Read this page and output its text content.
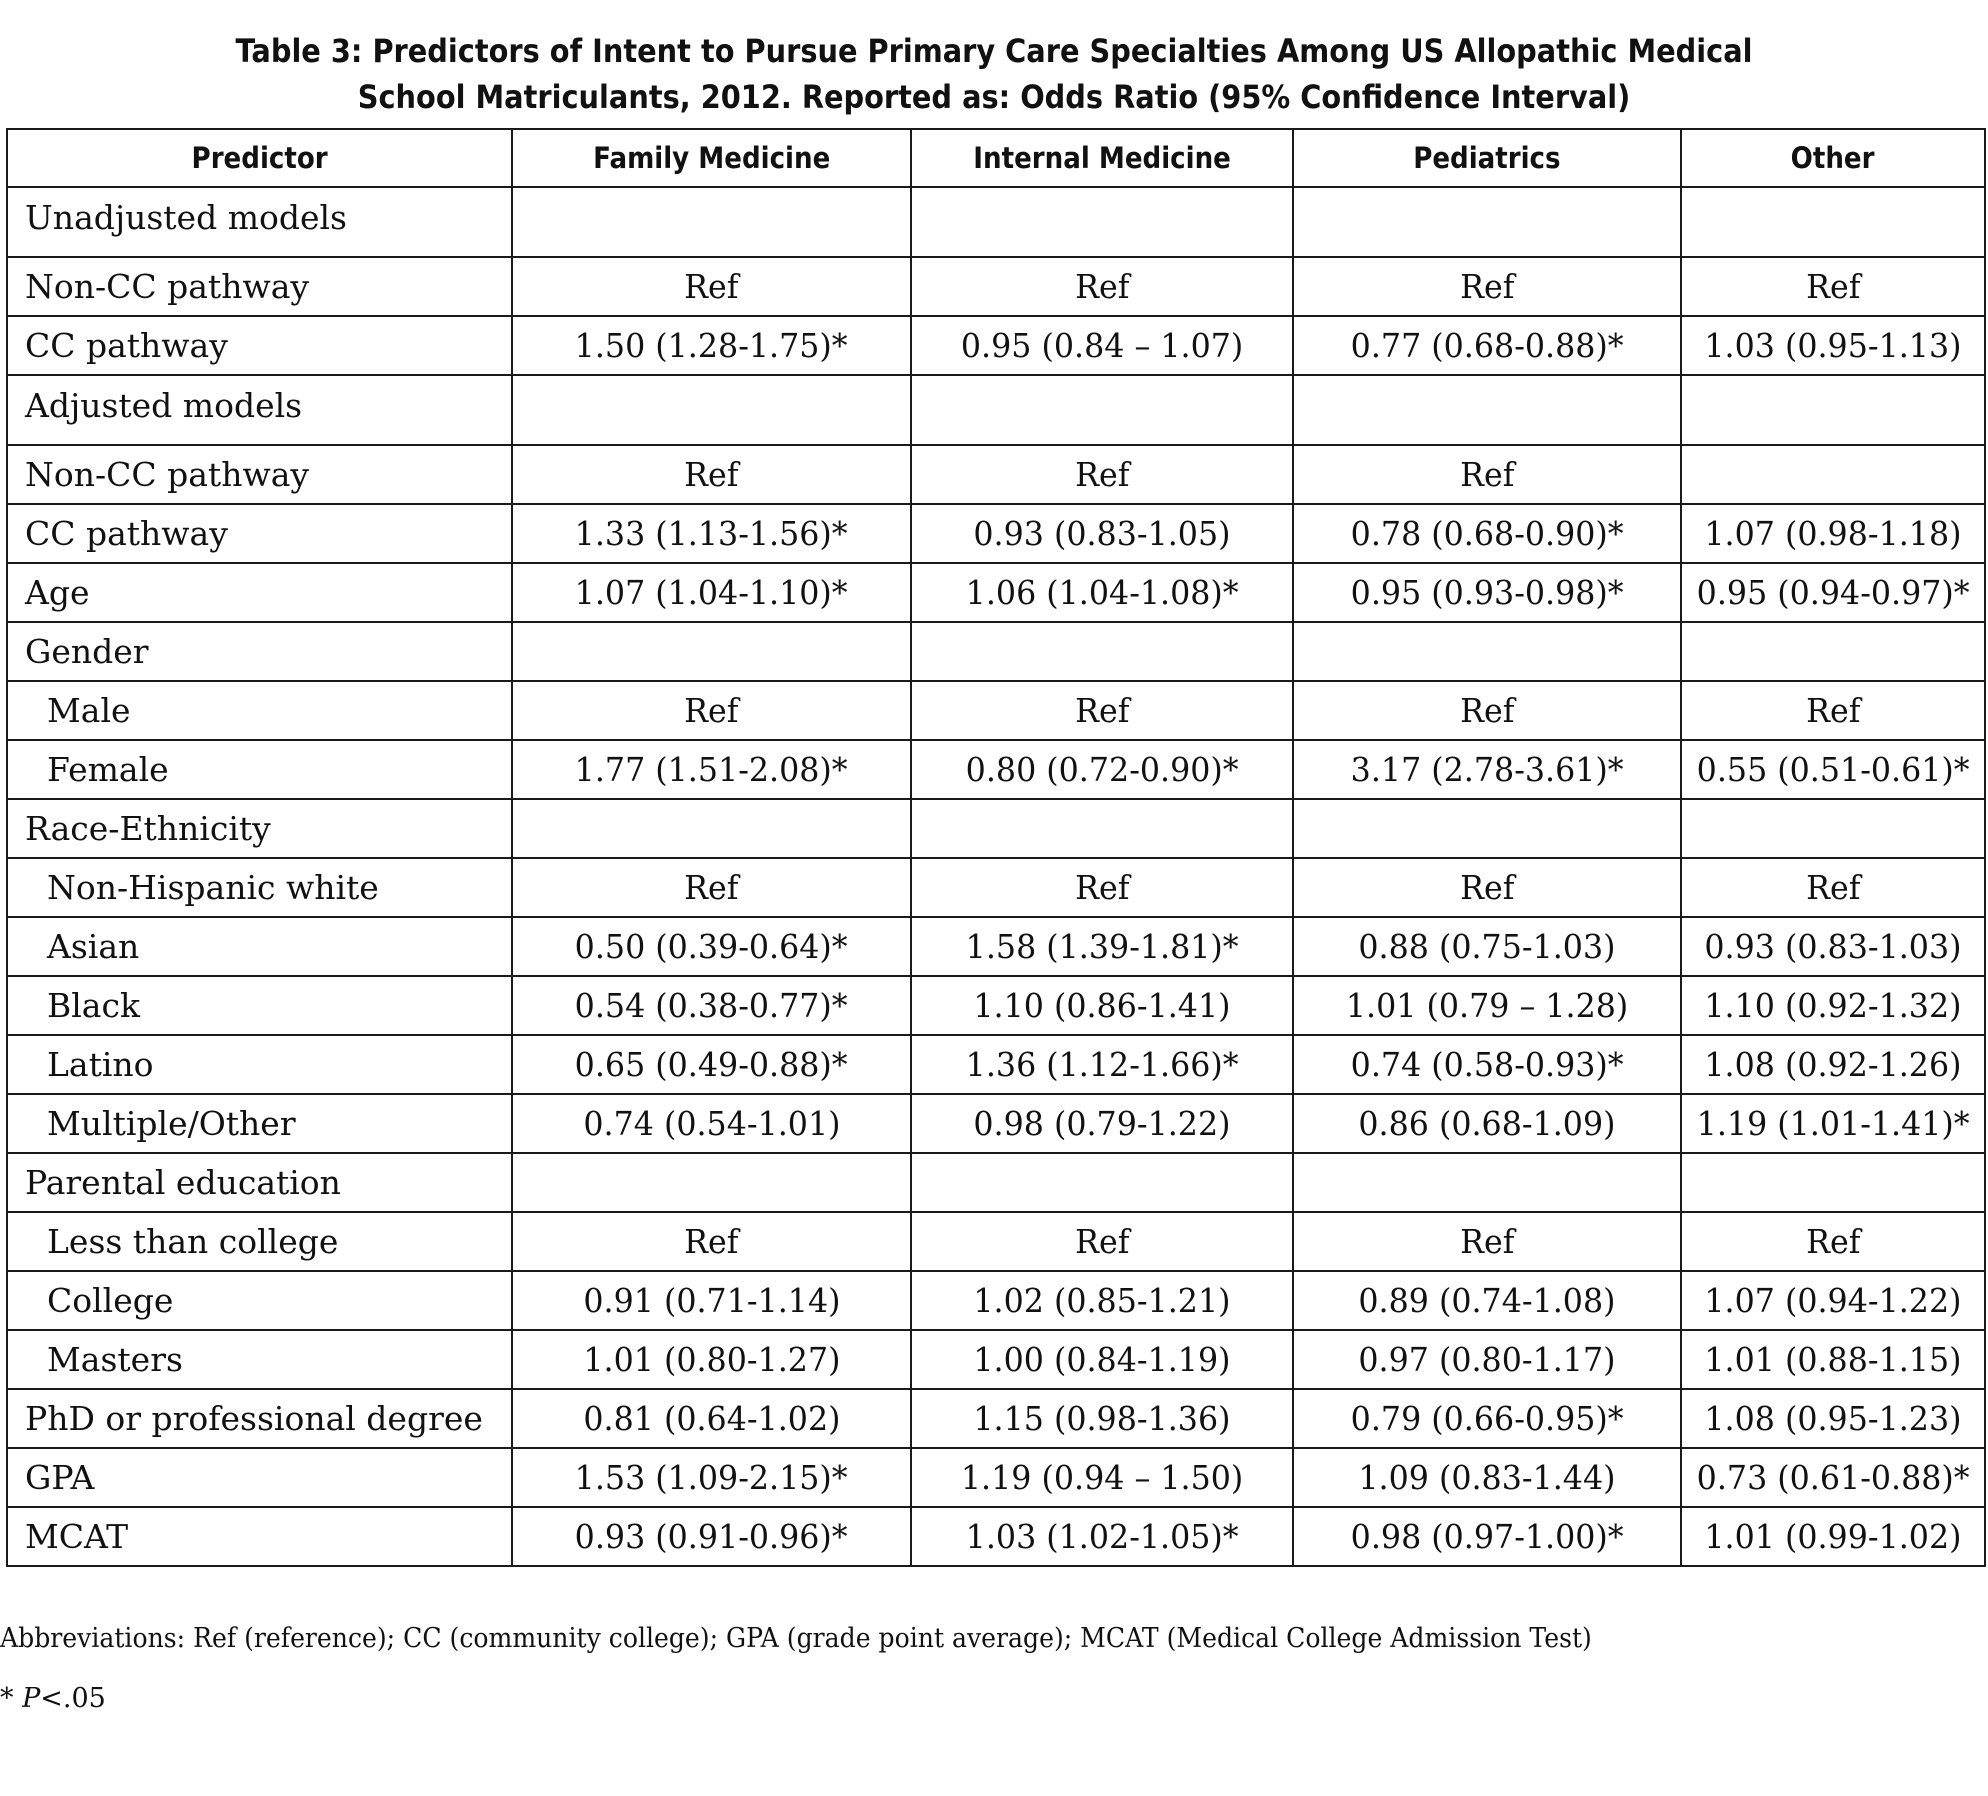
Table 3: Predictors of Intent to Pursue Primary Care Specialties Among US Allopathic Medical
School Matriculants, 2012. Reported as: Odds Ratio (95% Confidence Interval)
Predictor	Family Medicine	Internal Medicine	Pediatrics	Other

Unadjusted models				

Non-CC pathway	Ref	Ref	Ref	Ref
CC pathway	1.50 (1.28-1.75)*	0.95 (0.84 – 1.07)	0.77 (0.68-0.88)*	1.03 (0.95-1.13)

Adjusted models				

Non-CC pathway	Ref	Ref	Ref	
CC pathway	1.33 (1.13-1.56)*	0.93 (0.83-1.05)	0.78 (0.68-0.90)*	1.07 (0.98-1.18)
Age	1.07 (1.04-1.10)*	1.06 (1.04-1.08)*	0.95 (0.93-0.98)*	0.95 (0.94-0.97)*
Gender				
Male	Ref	Ref	Ref	Ref
Female	1.77 (1.51-2.08)*	0.80 (0.72-0.90)*	3.17 (2.78-3.61)*	0.55 (0.51-0.61)*
Race-Ethnicity				
Non-Hispanic white	Ref	Ref	Ref	Ref
Asian	0.50 (0.39-0.64)*	1.58 (1.39-1.81)*	0.88 (0.75-1.03)	0.93 (0.83-1.03)
Black	0.54 (0.38-0.77)*	1.10 (0.86-1.41)	1.01 (0.79 – 1.28)	1.10 (0.92-1.32)
Latino	0.65 (0.49-0.88)*	1.36 (1.12-1.66)*	0.74 (0.58-0.93)*	1.08 (0.92-1.26)
Multiple/Other	0.74 (0.54-1.01)	0.98 (0.79-1.22)	0.86 (0.68-1.09)	1.19 (1.01-1.41)*
Parental education				
Less than college	Ref	Ref	Ref	Ref
College	0.91 (0.71-1.14)	1.02 (0.85-1.21)	0.89 (0.74-1.08)	1.07 (0.94-1.22)
Masters	1.01 (0.80-1.27)	1.00 (0.84-1.19)	0.97 (0.80-1.17)	1.01 (0.88-1.15)
PhD or professional degree	0.81 (0.64-1.02)	1.15 (0.98-1.36)	0.79 (0.66-0.95)*	1.08 (0.95-1.23)
GPA	1.53 (1.09-2.15)*	1.19 (0.94 – 1.50)	1.09 (0.83-1.44)	0.73 (0.61-0.88)*
MCAT	0.93 (0.91-0.96)*	1.03 (1.02-1.05)*	0.98 (0.97-1.00)*	1.01 (0.99-1.02)
Abbreviations: Ref (reference); CC (community college); GPA (grade point average); MCAT (Medical College Admission Test)
* P<.05
